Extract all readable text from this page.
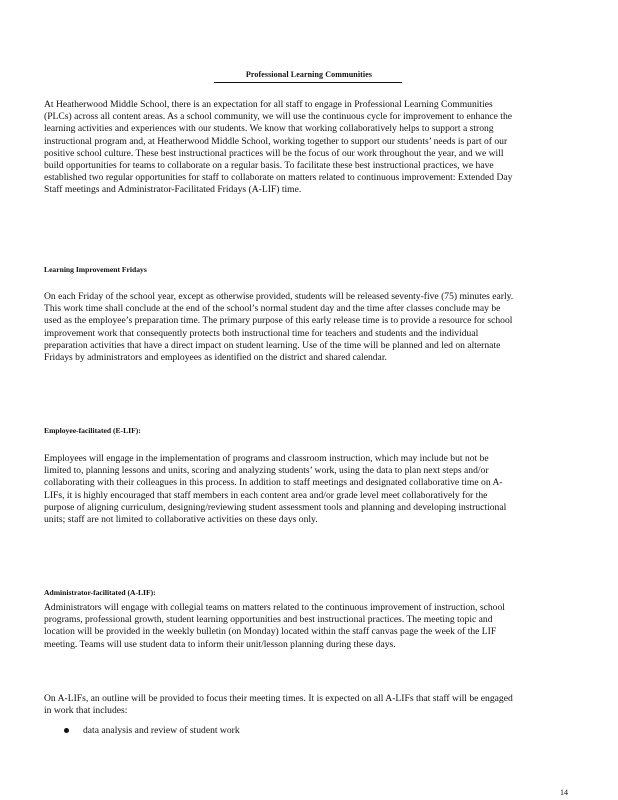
Professional Learning Communities

At Heatherwood Middle School, there is an expectation for all staff to engage in Professional Learning Communities (PLCs) across all content areas. As a school community, we will use the continuous cycle for improvement to enhance the learning activities and experiences with our students. We know that working collaboratively helps to support a strong instructional program and, at Heatherwood Middle School, working together to support our students’ needs is part of our positive school culture. These best instructional practices will be the focus of our work throughout the year, and we will build opportunities for teams to collaborate on a regular basis. To facilitate these best instructional practices, we have established two regular opportunities for staff to collaborate on matters related to continuous improvement: Extended Day Staff meetings and Administrator-Facilitated Fridays (A-LIF) time.

Learning Improvement Fridays

On each Friday of the school year, except as otherwise provided, students will be released seventy-five (75) minutes early. This work time shall conclude at the end of the school’s normal student day and the time after classes conclude may be used as the employee’s preparation time. The primary purpose of this early release time is to provide a resource for school improvement work that consequently protects both instructional time for teachers and students and the individual preparation activities that have a direct impact on student learning. Use of the time will be planned and led on alternate Fridays by administrators and employees as identified on the district and shared calendar.

Employee-facilitated (E-LIF):

Employees will engage in the implementation of programs and classroom instruction, which may include but not be limited to, planning lessons and units, scoring and analyzing students’ work, using the data to plan next steps and/or collaborating with their colleagues in this process. In addition to staff meetings and designated collaborative time on A-LIFs, it is highly encouraged that staff members in each content area and/or grade level meet collaboratively for the purpose of aligning curriculum, designing/reviewing student assessment tools and planning and developing instructional units; staff are not limited to collaborative activities on these days only.

Administrator-facilitated (A-LIF):

Administrators will engage with collegial teams on matters related to the continuous improvement of instruction, school programs, professional growth, student learning opportunities and best instructional practices. The meeting topic and location will be provided in the weekly bulletin (on Monday) located within the staff canvas page the week of the LIF meeting. Teams will use student data to inform their unit/lesson planning during these days.

On A-LIFs, an outline will be provided to focus their meeting times. It is expected on all A-LIFs that staff will be engaged in work that includes:

data analysis and review of student work
14
